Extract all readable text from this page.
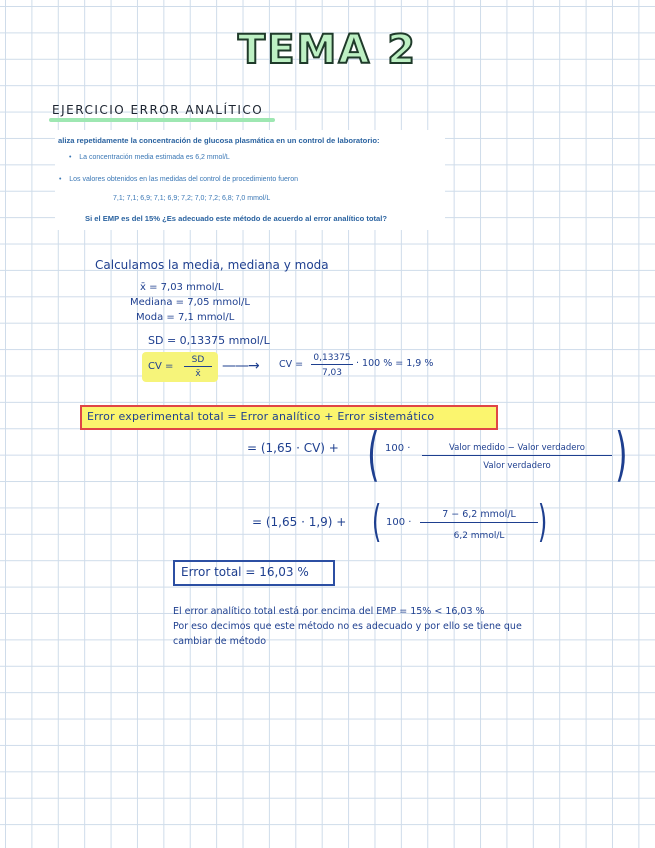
TEMA 2
EJERCICIO ERROR ANALÍTICO
aliza repetidamente la concentración de glucosa plasmática en un control de laboratorio:
•    La concentración media estimada es 6,2 mmol/L
•    Los valores obtenidos en las medidas del control de procedimiento fueron
7,1; 7,1; 6,9; 7,1; 6,9; 7,2; 7,0; 7,2; 6,8; 7,0 mmol/L
Si el EMP es del 15% ¿Es adecuado este método de acuerdo al error analítico total?
Calculamos la media, mediana y moda
x̄ = 7,03 mmol/L
Mediana = 7,05 mmol/L
Moda = 7,1 mmol/L
SD = 0,13375 mmol/L
CV =
SD
x̄	——→ CV =
0,13375
7,03
· 100 % = 1,9 %
Error experimental total = Error analítico + Error sistemático
= (1,65 · CV) + ( 100 ·	Valor medido − Valor verdadero
Valor verdadero	)
= (1,65 · 1,9) + ( 100 ·
7 − 6,2 mmol/L
6,2 mmol/L )
Error total = 16,03 %
El error analítico total está por encima del EMP = 15% < 16,03 %
Por eso decimos que este método no es adecuado y por ello se tiene que
cambiar de método
